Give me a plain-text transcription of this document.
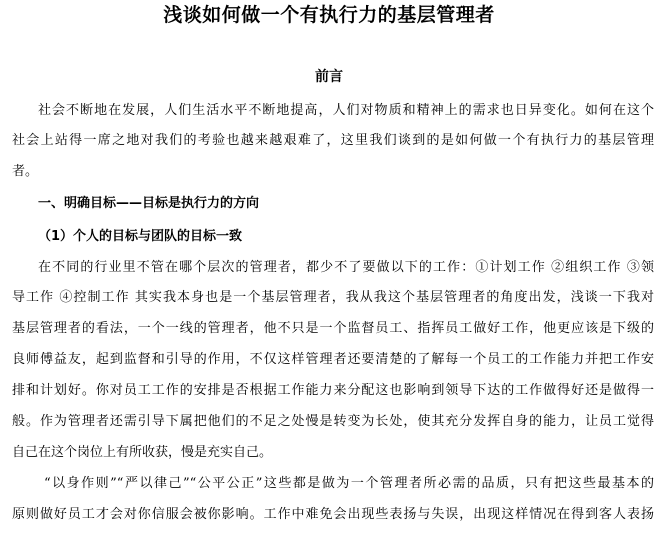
浅谈如何做一个有执行力的基层管理者
前言
社会不断地在发展，人们生活水平不断地提高，人们对物质和精神上的需求也日异变化。如何在这个
社会上站得一席之地对我们的考验也越来越艰难了，这里我们谈到的是如何做一个有执行力的基层管理
者。
一、明确目标——目标是执行力的方向
（1）个人的目标与团队的目标一致
在不同的行业里不管在哪个层次的管理者，都少不了要做以下的工作：①计划工作 ②组织工作 ③领
导工作 ④控制工作 其实我本身也是一个基层管理者，我从我这个基层管理者的角度出发，浅谈一下我对
基层管理者的看法，一个一线的管理者，他不只是一个监督员工、指挥员工做好工作，他更应该是下级的
良师傅益友，起到监督和引导的作用，不仅这样管理者还要清楚的了解每一个员工的工作能力并把工作安
排和计划好。你对员工工作的安排是否根据工作能力来分配这也影响到领导下达的工作做得好还是做得一
般。作为管理者还需引导下属把他们的不足之处慢是转变为长处，使其充分发挥自身的能力，让员工觉得
自己在这个岗位上有所收获，慢是充实自己。
“以身作则”“严以律己”“公平公正”这些都是做为一个管理者所必需的品质，只有把这些最基本的
原则做好员工才会对你信服会被你影响。工作中难免会出现些表扬与失误，出现这样情况在得到客人表扬
